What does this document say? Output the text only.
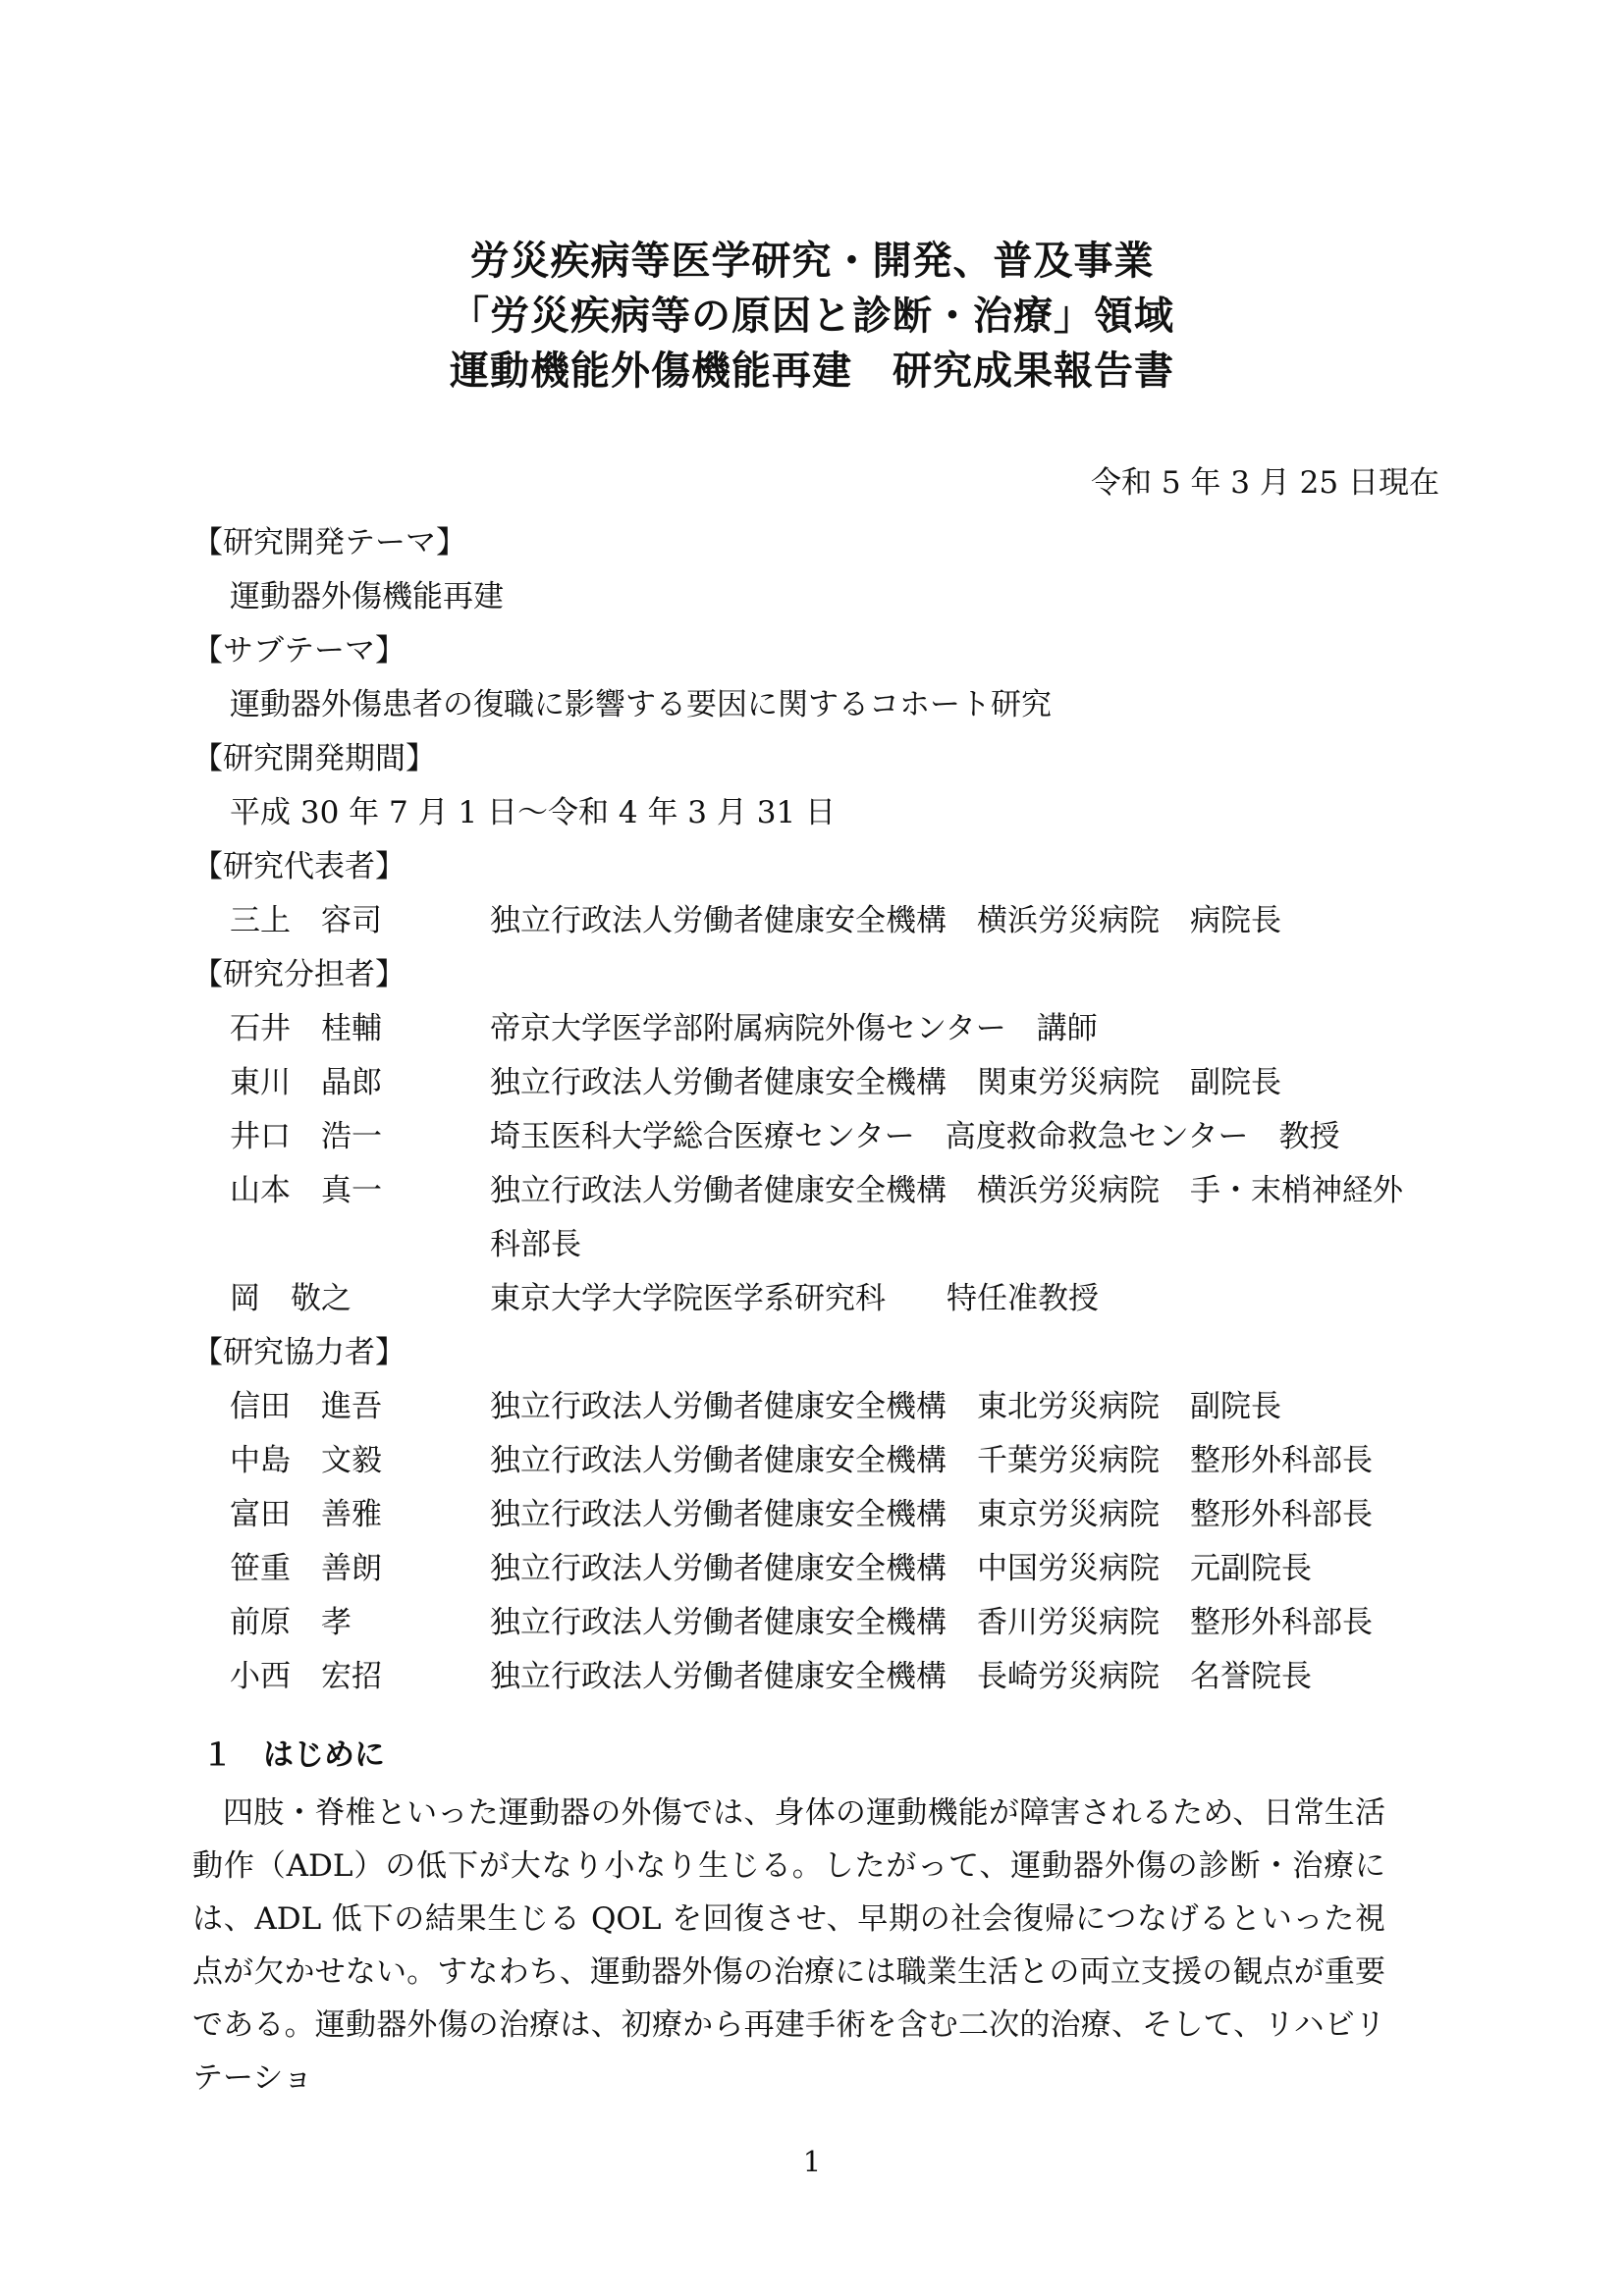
労災疾病等医学研究・開発、普及事業
「労災疾病等の原因と診断・治療」領域
運動機能外傷機能再建　研究成果報告書
令和 5 年 3 月 25 日現在
【研究開発テーマ】
運動器外傷機能再建
【サブテーマ】
運動器外傷患者の復職に影響する要因に関するコホート研究
【研究開発期間】
平成 30 年 7 月 1 日～令和 4 年 3 月 31 日
【研究代表者】
三上　容司	独立行政法人労働者健康安全機構　横浜労災病院　病院長
【研究分担者】
石井　桂輔	帝京大学医学部附属病院外傷センター　講師
東川　晶郎	独立行政法人労働者健康安全機構　関東労災病院　副院長
井口　浩一	埼玉医科大学総合医療センター　高度救命救急センター　教授
山本　真一	独立行政法人労働者健康安全機構　横浜労災病院　手・末梢神経外科部長
岡　敬之	東京大学大学院医学系研究科　　特任准教授
【研究協力者】
信田　進吾	独立行政法人労働者健康安全機構　東北労災病院　副院長
中島　文毅	独立行政法人労働者健康安全機構　千葉労災病院　整形外科部長
富田　善雅	独立行政法人労働者健康安全機構　東京労災病院　整形外科部長
笹重　善朗	独立行政法人労働者健康安全機構　中国労災病院　元副院長
前原　孝	独立行政法人労働者健康安全機構　香川労災病院　整形外科部長
小西　宏招	独立行政法人労働者健康安全機構　長崎労災病院　名誉院長
１　はじめに

四肢・脊椎といった運動器の外傷では、身体の運動機能が障害されるため、日常生活動作（ADL）の低下が大なり小なり生じる。したがって、運動器外傷の診断・治療には、ADL 低下の結果生じる QOL を回復させ、早期の社会復帰につなげるといった視点が欠かせない。すなわち、運動器外傷の治療には職業生活との両立支援の観点が重要である。運動器外傷の治療は、初療から再建手術を含む二次的治療、そして、リハビリテーショ

1
